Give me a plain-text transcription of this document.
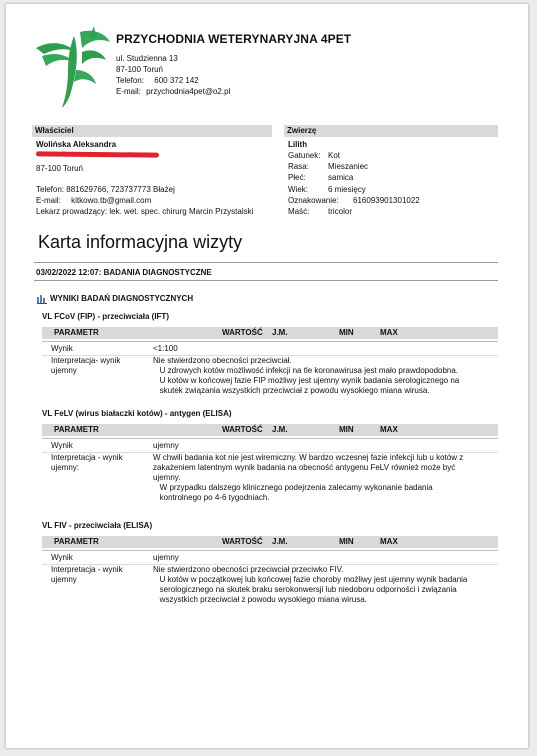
PRZYCHODNIA WETERYNARYJNA 4PET
ul. Studzienna 13
87-100 Toruń
Telefon: 600 372 142
E-mail: przychodnia4pet@o2.pl
Właściciel
Wolińska Aleksandra
87-100 Toruń
Telefon: 881629766, 723737773 Błażej
E-mail: kitkowo.tb@gmail.com
Lekarz prowadzący: lek. wet. spec. chirurg Marcin Przystalski
Zwierzę
Lilith
Gatunek: Kot
Rasa: Mieszaniec
Płeć:	samica
Wiek:	6 miesięcy
Oznakowanie: 616093901301022
Maść: tricolor
Karta informacyjna wizyty
03/02/2022 12:07: BADANIA DIAGNOSTYCZNE
WYNIKI BADAŃ DIAGNOSTYCZNYCH
VL FCoV (FIP) - przeciwciała (IFT)
PARAMETR	WARTOŚĆ J.M.	MIN	MAX
Wynik	<1:100
Interpretacja- wynik ujemny
Nie stwierdzono obecności przeciwciał.
U zdrowych kotów możliwość infekcji na tle koronawirusa jest mało prawdopodobna.
U kotów w końcowej fazie FIP możliwy jest ujemny wynik badania serologicznego na
skutek związania wszystkich przeciwciał z powodu wysokiego miana wirusa.
VL FeLV (wirus białaczki kotów) - antygen (ELISA)
PARAMETR	WARTOŚĆ J.M.	MIN	MAX
Wynik	ujemny
Interpretacja - wynik ujemny:
W chwili badania kot nie jest wiremiczny. W bardzo wczesnej fazie infekcji lub u kotów z
zakażeniem latentnym wynik badania na obecność antygenu FeLV również może być
ujemny.
W przypadku dalszego klinicznego podejrzenia zalecamy wykonanie badania
kontrolnego po 4-6 tygodniach.
VL FIV - przeciwciała (ELISA)
PARAMETR	WARTOŚĆ J.M.	MIN	MAX
Wynik	ujemny
Interpretacja - wynik ujemny
Nie stwierdzono obecności przeciwciał przeciwko FIV.
U kotów w początkowej lub końcowej fazie choroby możliwy jest ujemny wynik badania
serologicznego na skutek braku serokonwersji lub niedoboru odporności i związania
wszystkich przeciwciał z powodu wysokiego miana wirusa.
